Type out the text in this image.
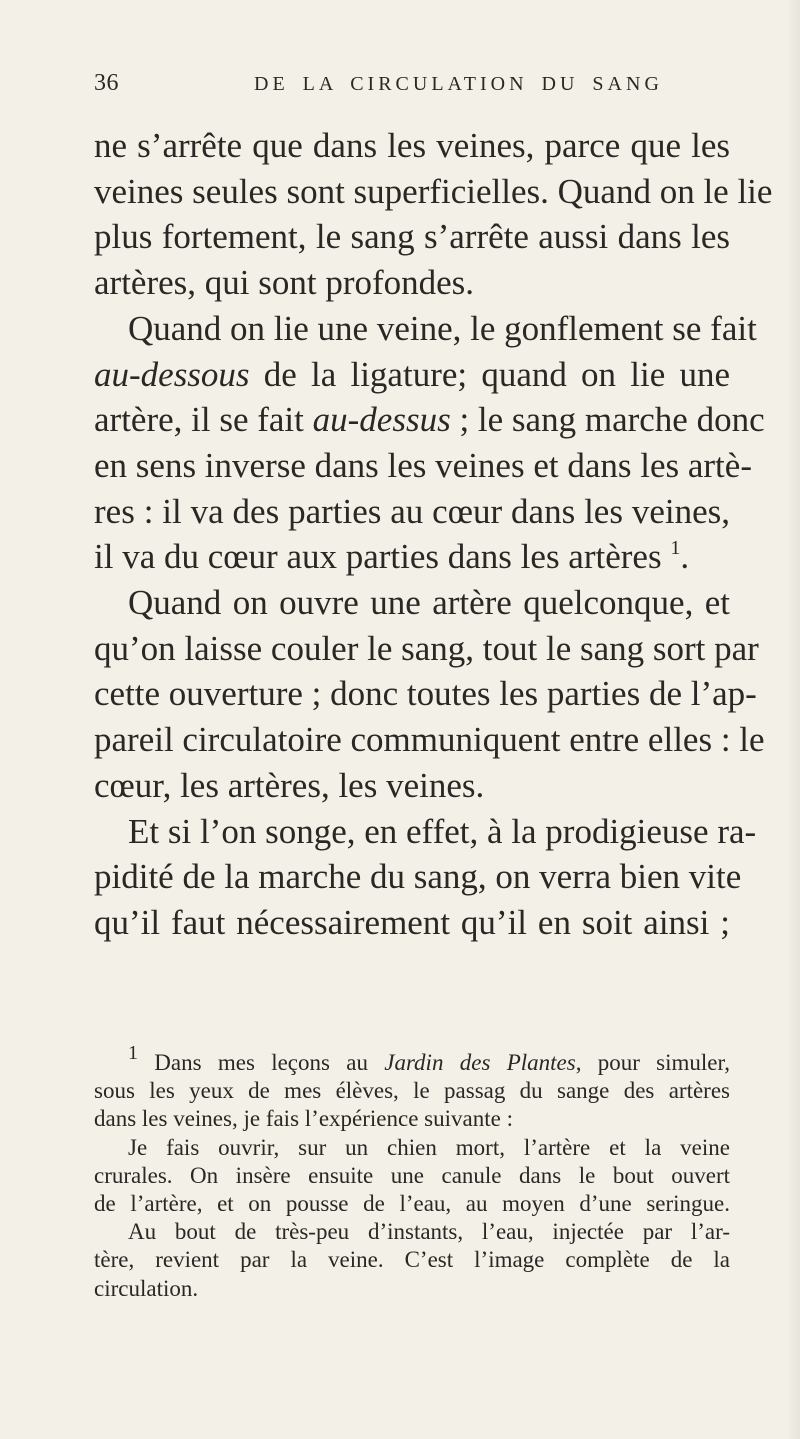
36	DE LA CIRCULATION DU SANG
ne s’arrête que dans les veines, parce que les
veines seules sont superficielles. Quand on le lie
plus fortement, le sang s’arrête aussi dans les
artères, qui sont profondes.
Quand on lie une veine, le gonflement se fait
au-dessous de la ligature; quand on lie une
artère, il se fait au-dessus ; le sang marche donc
en sens inverse dans les veines et dans les artè-
res : il va des parties au cœur dans les veines,
il va du cœur aux parties dans les artères $^1$.
Quand on ouvre une artère quelconque, et
qu’on laisse couler le sang, tout le sang sort par
cette ouverture ; donc toutes les parties de l’ap-
pareil circulatoire communiquent entre elles : le
cœur, les artères, les veines.
Et si l’on songe, en effet, à la prodigieuse ra-
pidité de la marche du sang, on verra bien vite
qu’il faut nécessairement qu’il en soit ainsi ;
$^1$ Dans mes leçons au Jardin des Plantes, pour simuler,
sous les yeux de mes élèves, le passag du sange des artères
dans les veines, je fais l’expérience suivante :
Je fais ouvrir, sur un chien mort, l’artère et la veine
crurales. On insère ensuite une canule dans le bout ouvert
de l’artère, et on pousse de l’eau, au moyen d’une seringue.
Au bout de très-peu d’instants, l’eau, injectée par l’ar-
tère, revient par la veine. C’est l’image complète de la
circulation.
